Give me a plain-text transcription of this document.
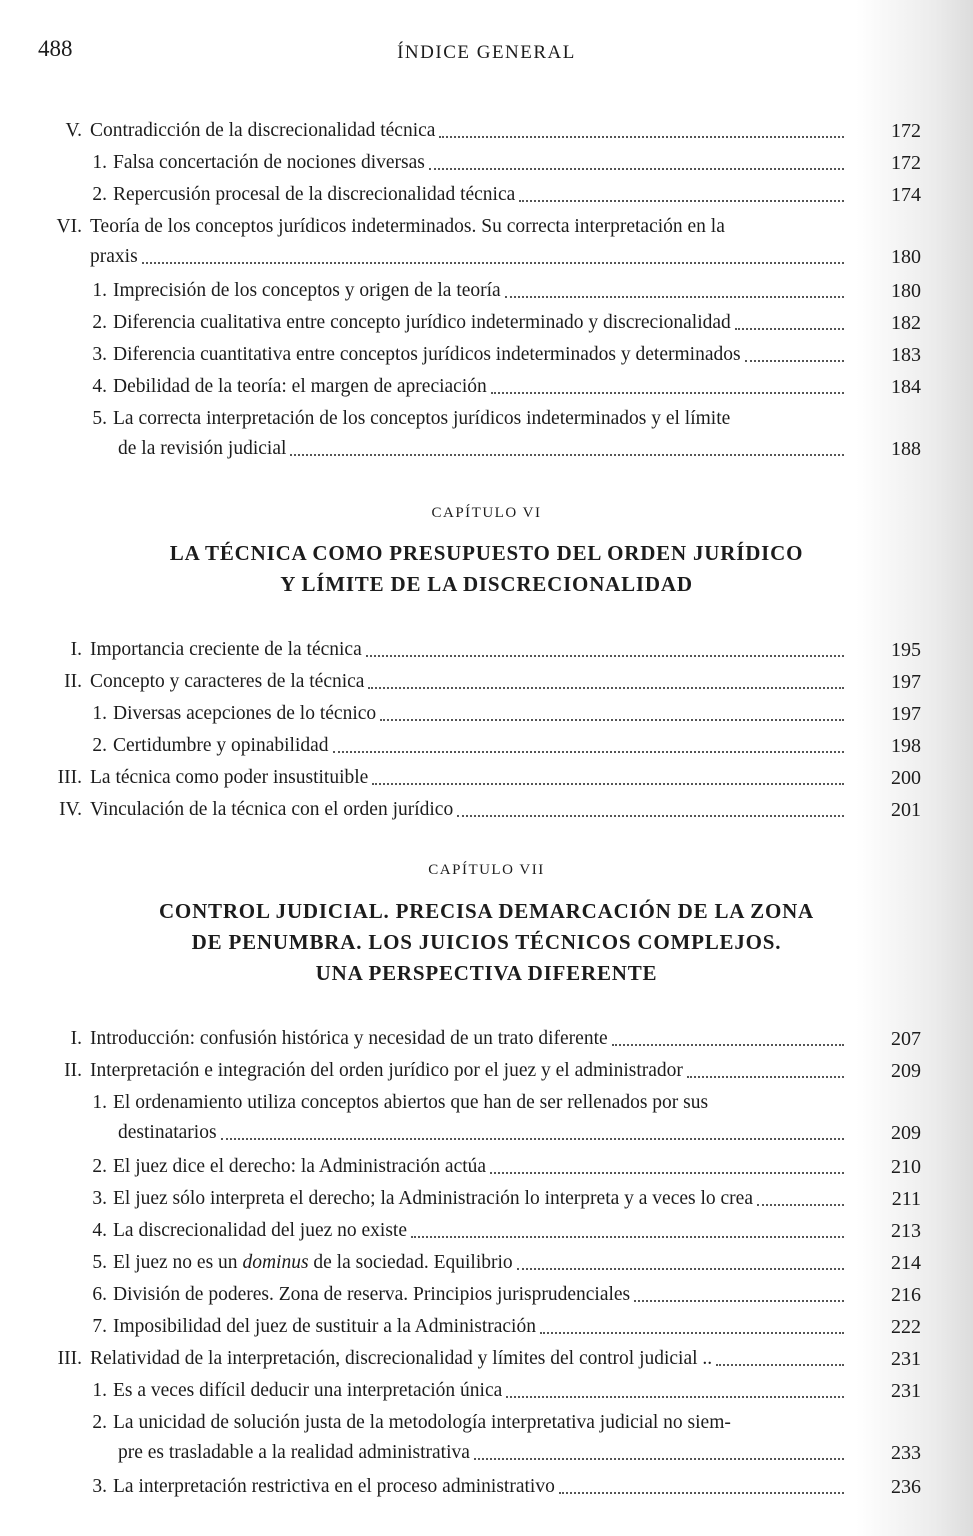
488	ÍNDICE GENERAL
V. Contradicción de la discrecionalidad técnica	172
1. Falsa concertación de nociones diversas	172
2. Repercusión procesal de la discrecionalidad técnica	174
VI. Teoría de los conceptos jurídicos indeterminados. Su correcta interpretación en la
praxis	180
1. Imprecisión de los conceptos y origen de la teoría	180
2. Diferencia cualitativa entre concepto jurídico indeterminado y discrecionalidad	182
3. Diferencia cuantitativa entre conceptos jurídicos indeterminados y determinados	183
4. Debilidad de la teoría: el margen de apreciación	184
5. La correcta interpretación de los conceptos jurídicos indeterminados y el límite
de la revisión judicial	188
CAPÍTULO VI
LA TÉCNICA COMO PRESUPUESTO DEL ORDEN JURÍDICO
Y LÍMITE DE LA DISCRECIONALIDAD
I. Importancia creciente de la técnica	195
II. Concepto y caracteres de la técnica	197
1. Diversas acepciones de lo técnico	197
2. Certidumbre y opinabilidad	198
III. La técnica como poder insustituible	200
IV. Vinculación de la técnica con el orden jurídico	201
CAPÍTULO VII
CONTROL JUDICIAL. PRECISA DEMARCACIÓN DE LA ZONA
DE PENUMBRA. LOS JUICIOS TÉCNICOS COMPLEJOS.
UNA PERSPECTIVA DIFERENTE
I. Introducción: confusión histórica y necesidad de un trato diferente	207
II. Interpretación e integración del orden jurídico por el juez y el administrador	209
1. El ordenamiento utiliza conceptos abiertos que han de ser rellenados por sus
destinatarios	209
2. El juez dice el derecho: la Administración actúa	210
3. El juez sólo interpreta el derecho; la Administración lo interpreta y a veces lo crea	211
4. La discrecionalidad del juez no existe	213
5. El juez no es un dominus de la sociedad. Equilibrio	214
6. División de poderes. Zona de reserva. Principios jurisprudenciales	216
7. Imposibilidad del juez de sustituir a la Administración	222
III. Relatividad de la interpretación, discrecionalidad y límites del control judicial ..	231
1. Es a veces difícil deducir una interpretación única	231
2. La unicidad de solución justa de la metodología interpretativa judicial no siem-
pre es trasladable a la realidad administrativa	233
3. La interpretación restrictiva en el proceso administrativo	236
